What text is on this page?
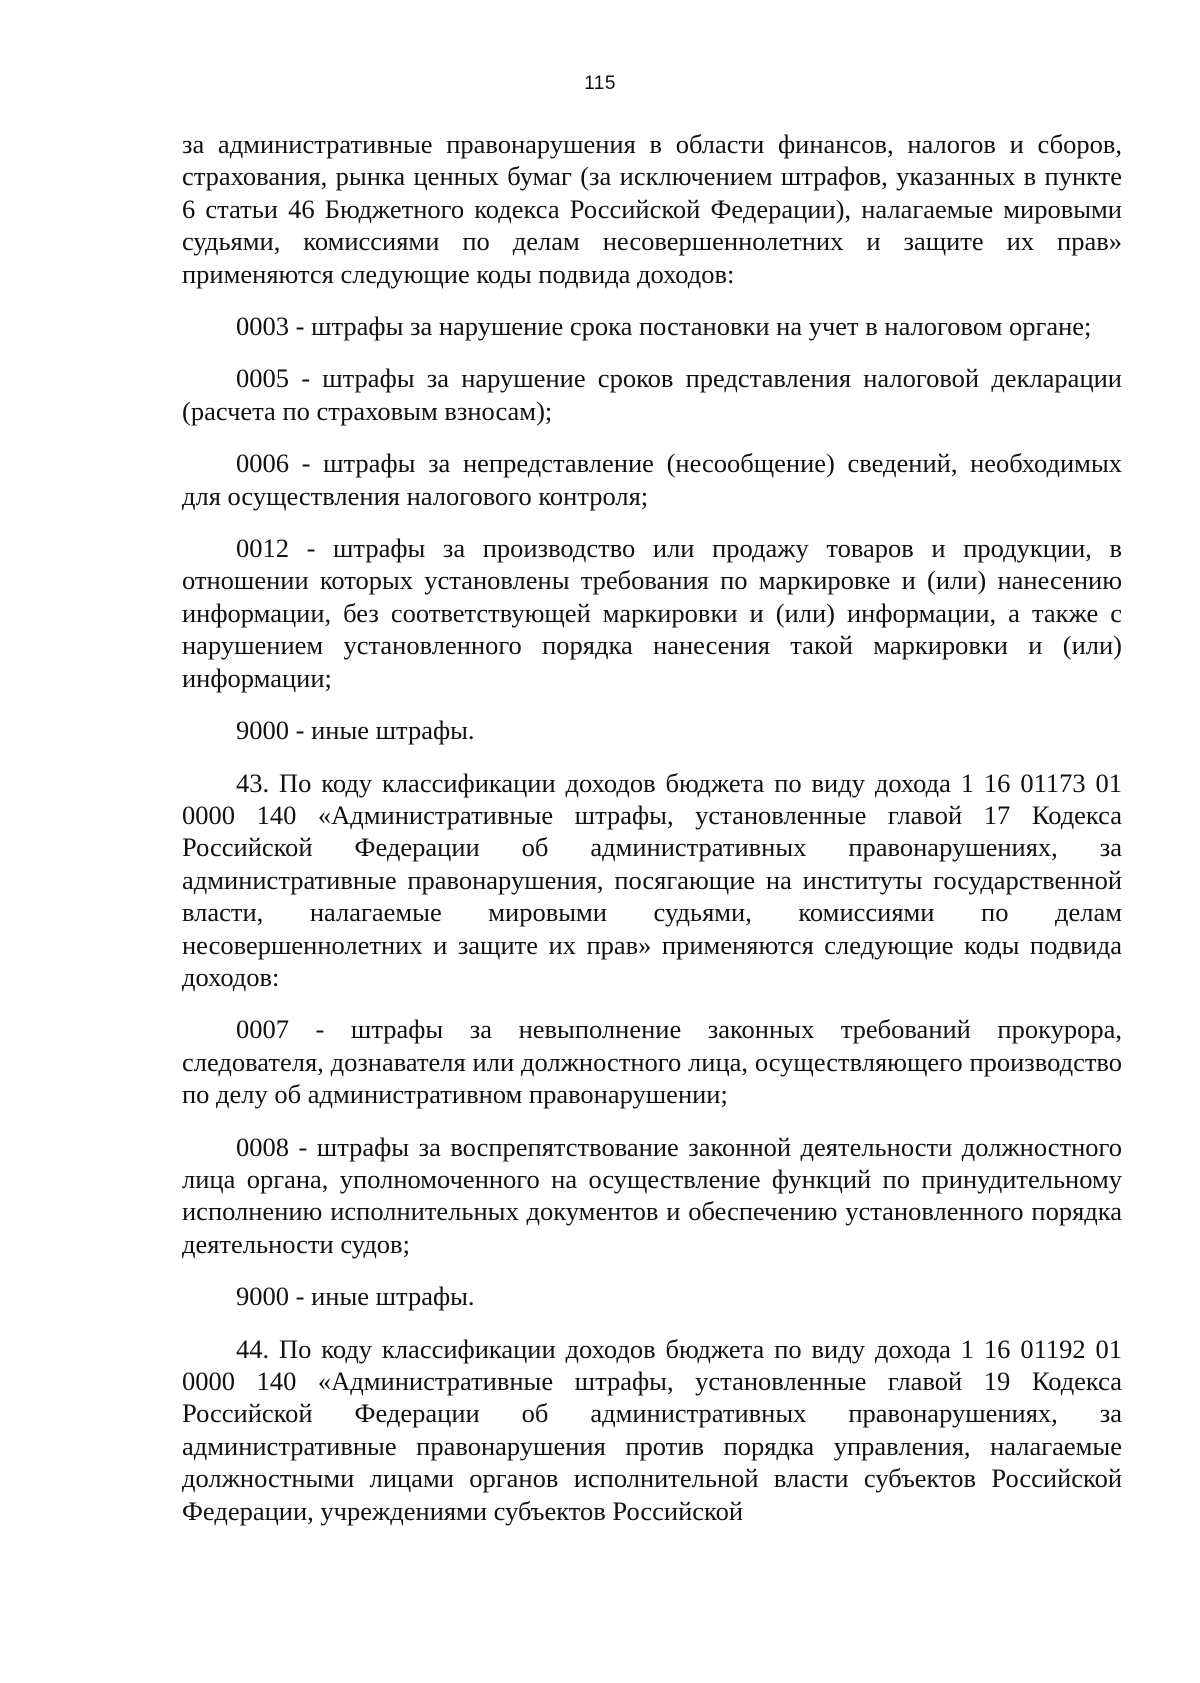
115

за административные правонарушения в области финансов, налогов и сборов, страхования, рынка ценных бумаг (за исключением штрафов, указанных в пункте 6 статьи 46 Бюджетного кодекса Российской Федерации), налагаемые мировыми судьями, комиссиями по делам несовершеннолетних и защите их прав» применяются следующие коды подвида доходов:

0003 - штрафы за нарушение срока постановки на учет в налоговом органе;

0005 - штрафы за нарушение сроков представления налоговой декларации (расчета по страховым взносам);

0006 - штрафы за непредставление (несообщение) сведений, необходимых для осуществления налогового контроля;

0012 - штрафы за производство или продажу товаров и продукции, в отношении которых установлены требования по маркировке и (или) нанесению информации, без соответствующей маркировки и (или) информации, а также с нарушением установленного порядка нанесения такой маркировки и (или) информации;

9000 - иные штрафы.

43. По коду классификации доходов бюджета по виду дохода 1 16 01173 01 0000 140 «Административные штрафы, установленные главой 17 Кодекса Российской Федерации об административных правонарушениях, за административные правонарушения, посягающие на институты государственной власти, налагаемые мировыми судьями, комиссиями по делам несовершеннолетних и защите их прав» применяются следующие коды подвида доходов:

0007 - штрафы за невыполнение законных требований прокурора, следователя, дознавателя или должностного лица, осуществляющего производство по делу об административном правонарушении;

0008 - штрафы за воспрепятствование законной деятельности должностного лица органа, уполномоченного на осуществление функций по принудительному исполнению исполнительных документов и обеспечению установленного порядка деятельности судов;

9000 - иные штрафы.

44. По коду классификации доходов бюджета по виду дохода 1 16 01192 01 0000 140 «Административные штрафы, установленные главой 19 Кодекса Российской Федерации об административных правонарушениях, за административные правонарушения против порядка управления, налагаемые должностными лицами органов исполнительной власти субъектов Российской Федерации, учреждениями субъектов Российской
